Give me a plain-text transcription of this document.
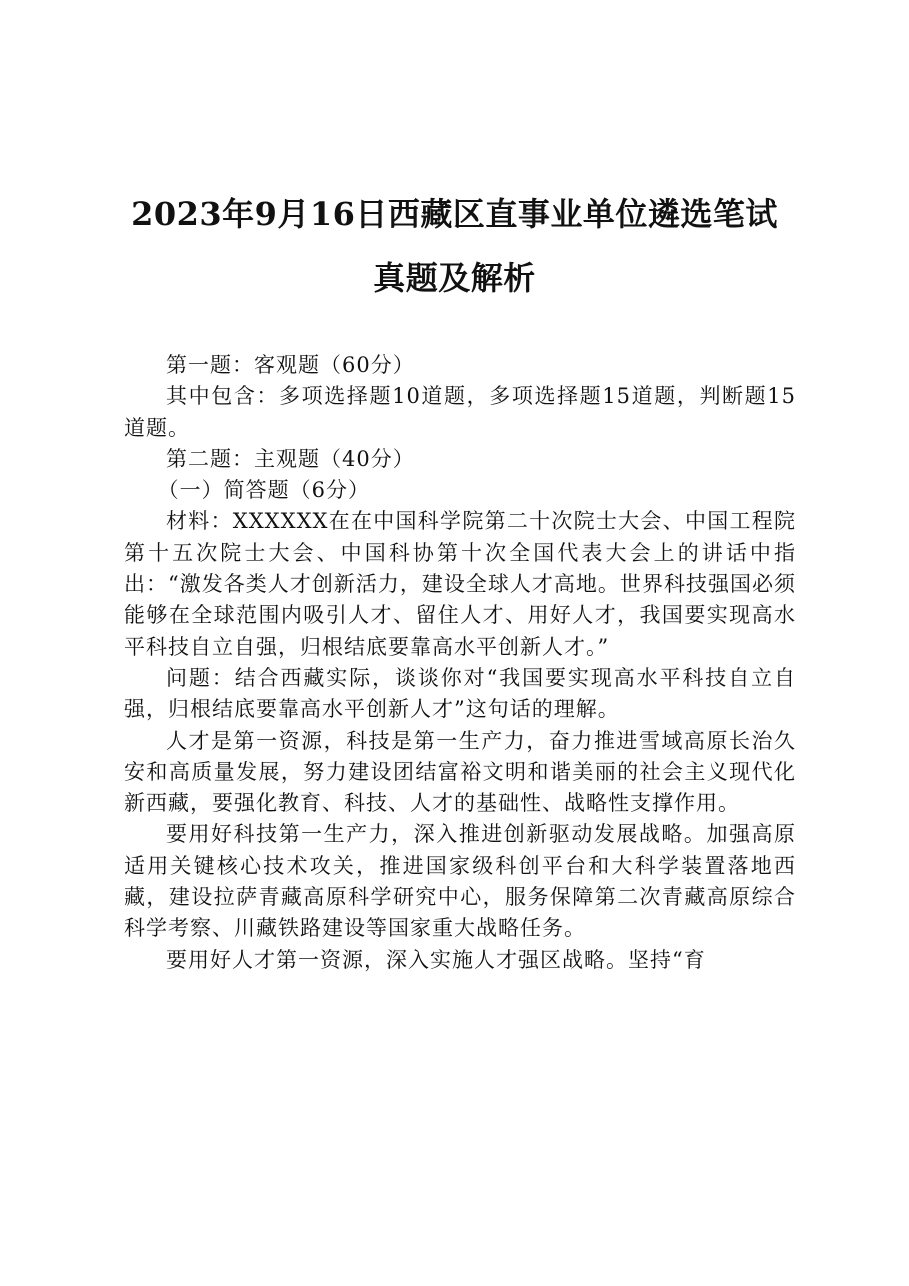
2023年9月16日西藏区直事业单位遴选笔试
真题及解析

第一题：客观题（60分）

其中包含：多项选择题10道题，多项选择题15道题，判断题15道题。

第二题：主观题（40分）

（一）简答题（6分）

材料：XXXXXX在在中国科学院第二十次院士大会、中国工程院第十五次院士大会、中国科协第十次全国代表大会上的讲话中指出：“激发各类人才创新活力，建设全球人才高地。世界科技强国必须能够在全球范围内吸引人才、留住人才、用好人才，我国要实现高水平科技自立自强，归根结底要靠高水平创新人才。”

问题：结合西藏实际，谈谈你对“我国要实现高水平科技自立自强，归根结底要靠高水平创新人才”这句话的理解。

人才是第一资源，科技是第一生产力，奋力推进雪域高原长治久安和高质量发展，努力建设团结富裕文明和谐美丽的社会主义现代化新西藏，要强化教育、科技、人才的基础性、战略性支撑作用。

要用好科技第一生产力，深入推进创新驱动发展战略。加强高原适用关键核心技术攻关，推进国家级科创平台和大科学装置落地西藏，建设拉萨青藏高原科学研究中心，服务保障第二次青藏高原综合科学考察、川藏铁路建设等国家重大战略任务。

要用好人才第一资源，深入实施人才强区战略。坚持“育
